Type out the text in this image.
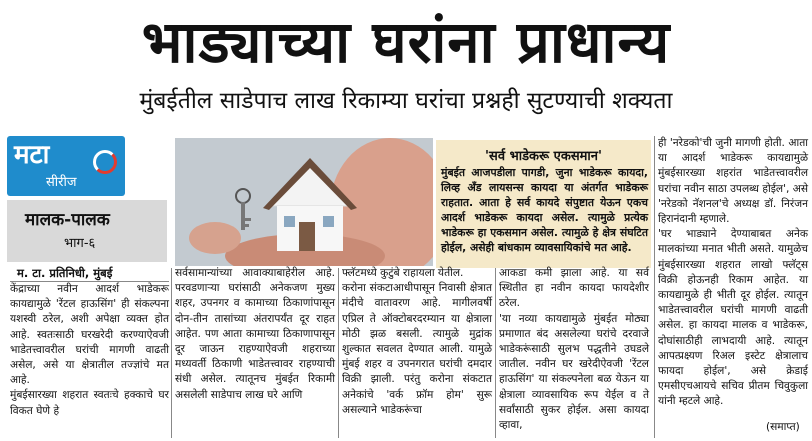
भाड्याच्या घरांना प्राधान्य
मुंबईतील साडेपाच लाख रिकाम्या घरांचा प्रश्नही सुटण्याची शक्यता
मटा
सीरीज
मालक-पालक
भाग-६
म. टा. प्रतिनिधी, मुंबई
'सर्व भाडेकरू एकसमान'
मुंबईत आजपडीला पागडी, जुना भाडेकरू कायदा, लिव्ह अँड लायसन्स कायदा या अंतर्गत भाडेकरू राहतात. आता हे सर्व कायदे संपुष्टात येऊन एकच आदर्श भाडेकरू कायदा असेल. त्यामुळे प्रत्येक भाडेकरू हा एकसमान असेल. त्यामुळे हे क्षेत्र संघटित होईल, असेही बांधकाम व्यावसायिकांचे मत आहे.

केंद्राच्या नवीन आदर्श भाडेकरू कायद्यामुळे 'रेंटल हाऊसिंग' ही संकल्पना यशस्वी ठरेल, अशी अपेक्षा व्यक्त होत आहे. स्वतःसाठी घरखरेदी करण्याऐवजी भाडेतत्त्वावरील घरांची मागणी वाढती असेल, असे या क्षेत्रातील तज्ज्ञांचे मत आहे.

मुंबईसारख्या शहरात स्वतःचे हक्काचे घर विकत घेणे हे

सर्वसामान्यांच्या आवाक्याबाहेरील आहे. परवडणाऱ्या घरांसाठी अनेकजण मुख्य शहर, उपनगर व कामाच्या ठिकाणांपासून दोन-तीन तासांच्या अंतरापर्यंत दूर राहत आहेत. पण आता कामाच्या ठिकाणापासून दूर जाऊन राहण्याऐवजी शहराच्या मध्यवर्ती ठिकाणी भाडेतत्त्वावर राहण्याची संधी असेल. त्यातूनच मुंबईत रिकामी असलेली साडेपाच लाख घरे आणि

फ्लॅटमध्ये कुटुंबे राहायला येतील.

करोना संकटाआधीपासून निवासी क्षेत्रात मंदीचे वातावरण आहे. मागीलवर्षी एप्रिल ते ऑक्टोबरदरम्यान या क्षेत्राला मोठी झळ बसली. त्यामुळे मुद्रांक शुल्कात सवलत देण्यात आली. यामुळे मुंबई शहर व उपनगरात घरांची दमदार विक्री झाली. परंतु करोना संकटात अनेकांचे 'वर्क फ्रॉम होम' सुरू असल्याने भाडेकरूंचा

आकडा कमी झाला आहे. या सर्व स्थितीत हा नवीन कायदा फायदेशीर ठरेल.

'या नव्या कायद्यामुळे मुंबईत मोठ्या प्रमाणात बंद असलेल्या घरांचे दरवाजे भाडेकरूंसाठी सुलभ पद्धतीने उघडले जातील. नवीन घर खरेदीऐवजी 'रेंटल हाऊसिंग' या संकल्पनेला बळ येऊन या क्षेत्राला व्यावसायिक रूप येईल व ते सर्वांसाठी सुकर होईल. असा कायदा व्हावा,

ही 'नरेडको'ची जुनी मागणी होती. आता या आदर्श भाडेकरू कायद्यामुळे मुंबईसारख्या शहरांत भाडेतत्त्वावरील घरांचा नवीन साठा उपलब्ध होईल', असे 'नरेडको नॅशनल'चे अध्यक्ष डॉ. निरंजन हिरानंदानी म्हणाले.

'घर भाड्याने देण्याबाबत अनेक मालकांच्या मनात भीती असते. यामुळेच मुंबईसारख्या शहरात लाखो फ्लॅट्स विक्री होऊनही रिकाम आहेत. या कायद्यामुळे ही भीती दूर होईल. त्यातून भाडेतत्त्वावरील घरांची मागणी वाढती असेल. हा कायदा मालक व भाडेकरू, दोघांसाठीही लाभदायी आहे. त्यातून आपत्प्रक्ष्यण रिअल इस्टेट क्षेत्रालाच फायदा होईल', असे क्रेडाई एमसीएचआयचे सचिव प्रीतम चिवुकुला यांनी म्हटले आहे.

(समाप्त)
